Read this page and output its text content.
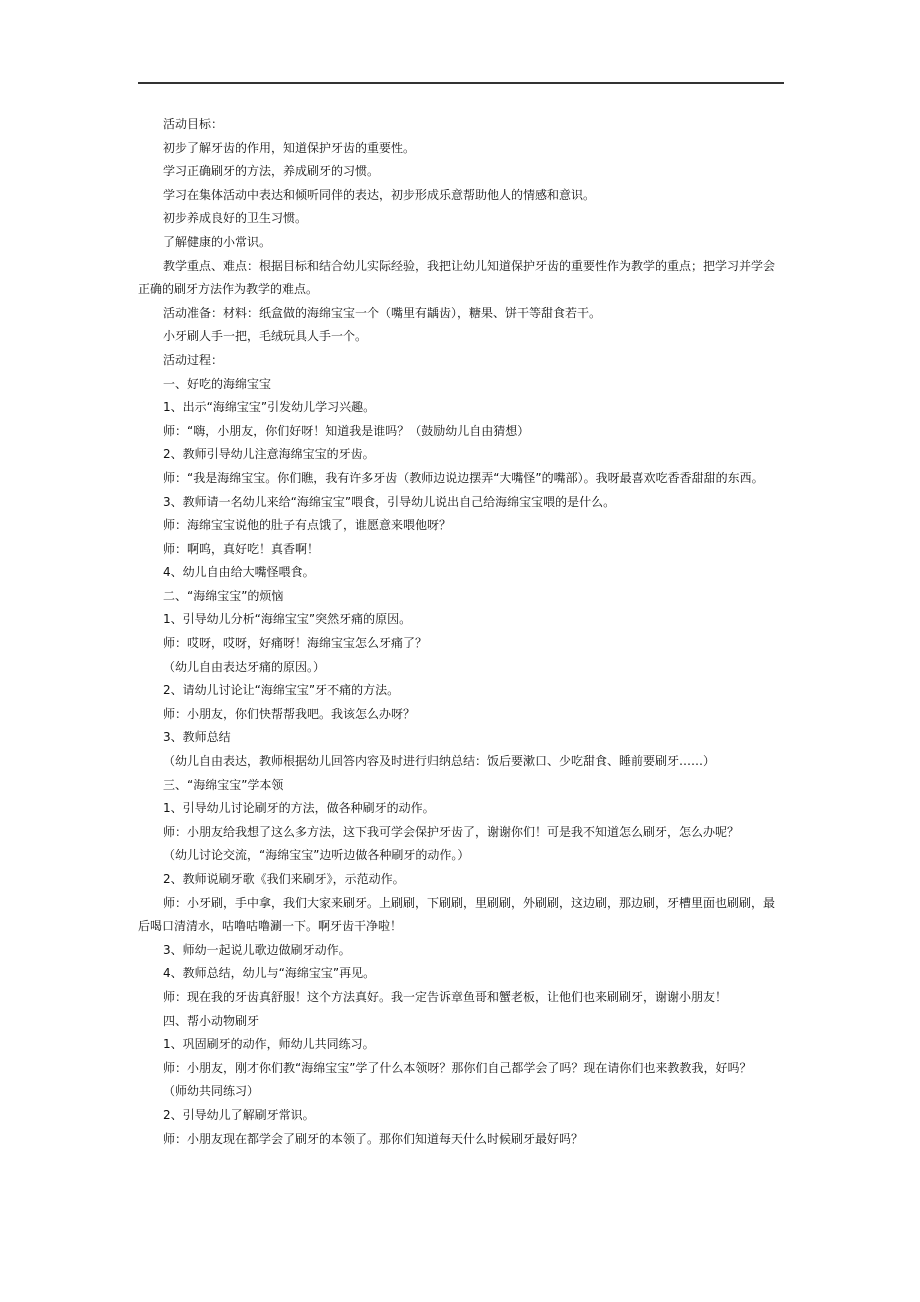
活动目标：

初步了解牙齿的作用，知道保护牙齿的重要性。

学习正确刷牙的方法，养成刷牙的习惯。

学习在集体活动中表达和倾听同伴的表达，初步形成乐意帮助他人的情感和意识。

初步养成良好的卫生习惯。

了解健康的小常识。

教学重点、难点：根据目标和结合幼儿实际经验，我把让幼儿知道保护牙齿的重要性作为教学的重点；把学习并学会正确的刷牙方法作为教学的难点。

活动准备：材料：纸盒做的海绵宝宝一个（嘴里有龋齿），糖果、饼干等甜食若干。

小牙刷人手一把，毛绒玩具人手一个。

活动过程：

一、好吃的海绵宝宝

1、出示“海绵宝宝”引发幼儿学习兴趣。

师：“嗨，小朋友，你们好呀！知道我是谁吗？（鼓励幼儿自由猜想）

2、教师引导幼儿注意海绵宝宝的牙齿。

师：“我是海绵宝宝。你们瞧，我有许多牙齿（教师边说边摆弄“大嘴怪”的嘴部）。我呀最喜欢吃香香甜甜的东西。

3、教师请一名幼儿来给“海绵宝宝”喂食，引导幼儿说出自己给海绵宝宝喂的是什么。

师：海绵宝宝说他的肚子有点饿了，谁愿意来喂他呀？

师：啊呜，真好吃！真香啊！

4、幼儿自由给大嘴怪喂食。

二、“海绵宝宝”的烦恼

1、引导幼儿分析“海绵宝宝”突然牙痛的原因。

师：哎呀，哎呀，好痛呀！海绵宝宝怎么牙痛了？

（幼儿自由表达牙痛的原因。）

2、请幼儿讨论让“海绵宝宝”牙不痛的方法。

师：小朋友，你们快帮帮我吧。我该怎么办呀？

3、教师总结

（幼儿自由表达，教师根据幼儿回答内容及时进行归纳总结：饭后要漱口、少吃甜食、睡前要刷牙……）

三、“海绵宝宝”学本领

1、引导幼儿讨论刷牙的方法，做各种刷牙的动作。

师：小朋友给我想了这么多方法，这下我可学会保护牙齿了，谢谢你们！可是我不知道怎么刷牙，怎么办呢？

（幼儿讨论交流，“海绵宝宝”边听边做各种刷牙的动作。）

2、教师说刷牙歌《我们来刷牙》，示范动作。

师：小牙刷，手中拿，我们大家来刷牙。上刷刷，下刷刷，里刷刷，外刷刷，这边刷，那边刷，牙槽里面也刷刷，最后喝口清清水，咕噜咕噜涮一下。啊牙齿干净啦！

3、师幼一起说儿歌边做刷牙动作。

4、教师总结，幼儿与“海绵宝宝”再见。

师：现在我的牙齿真舒服！这个方法真好。我一定告诉章鱼哥和蟹老板，让他们也来刷刷牙，谢谢小朋友！

四、帮小动物刷牙

1、巩固刷牙的动作，师幼儿共同练习。

师：小朋友，刚才你们教“海绵宝宝”学了什么本领呀？那你们自己都学会了吗？现在请你们也来教教我，好吗？

（师幼共同练习）

2、引导幼儿了解刷牙常识。

师：小朋友现在都学会了刷牙的本领了。那你们知道每天什么时候刷牙最好吗？
